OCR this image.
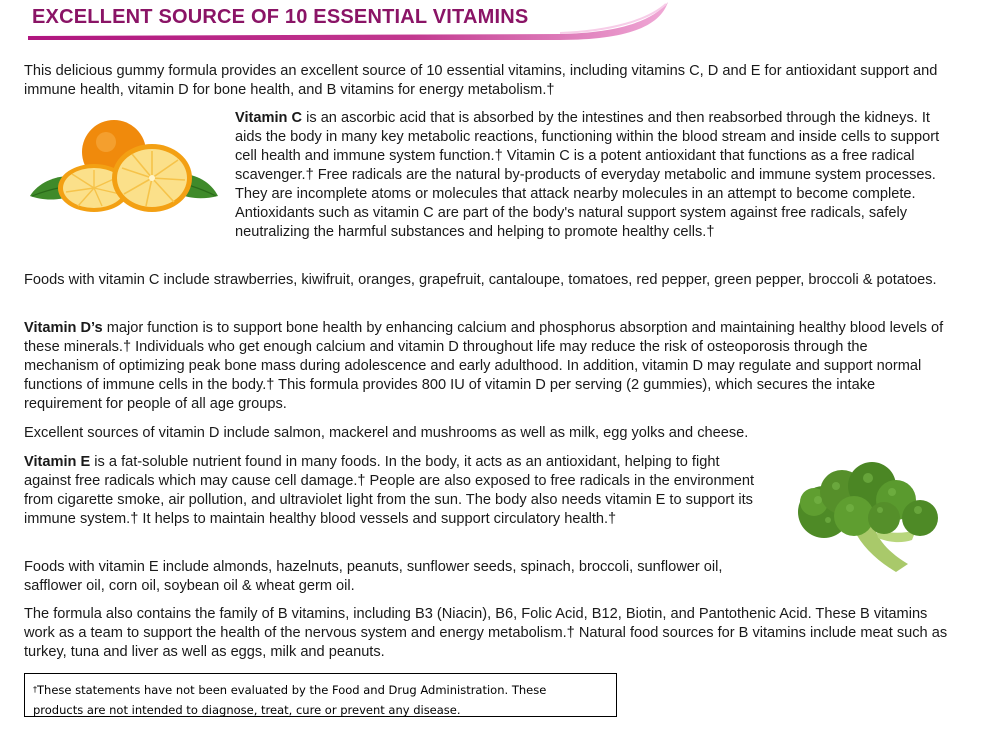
EXCELLENT SOURCE OF 10 ESSENTIAL VITAMINS

This delicious gummy formula provides an excellent source of 10 essential vitamins, including vitamins C, D and E for antioxidant support and immune health, vitamin D for bone health, and B vitamins for energy metabolism.†

Vitamin C is an ascorbic acid that is absorbed by the intestines and then reabsorbed through the kidneys. It aids the body in many key metabolic reactions, functioning within the blood stream and inside cells to support cell health and immune system function.† Vitamin C is a potent antioxidant that functions as a free radical scavenger.† Free radicals are the natural by-products of everyday metabolic and immune system processes. They are incomplete atoms or molecules that attack nearby molecules in an attempt to become complete. Antioxidants such as vitamin C are part of the body's natural support system against free radicals, safely neutralizing the harmful substances and helping to promote healthy cells.†

Foods with vitamin C include strawberries, kiwifruit, oranges, grapefruit, cantaloupe, tomatoes, red pepper, green pepper, broccoli & potatoes.

Vitamin D’s major function is to support bone health by enhancing calcium and phosphorus absorption and maintaining healthy blood levels of these minerals.† Individuals who get enough calcium and vitamin D throughout life may reduce the risk of osteoporosis through the mechanism of optimizing peak bone mass during adolescence and early adulthood. In addition, vitamin D may regulate and support normal functions of immune cells in the body.† This formula provides 800 IU of vitamin D per serving (2 gummies), which secures the intake requirement for people of all age groups.

Excellent sources of vitamin D include salmon, mackerel and mushrooms as well as milk, egg yolks and cheese.

Vitamin E is a fat-soluble nutrient found in many foods. In the body, it acts as an antioxidant, helping to fight against free radicals which may cause cell damage.† People are also exposed to free radicals in the environment from cigarette smoke, air pollution, and ultraviolet light from the sun. The body also needs vitamin E to support its immune system.† It helps to maintain healthy blood vessels and support circulatory health.†

Foods with vitamin E include almonds, hazelnuts, peanuts, sunflower seeds, spinach, broccoli, sunflower oil, safflower oil, corn oil, soybean oil & wheat germ oil.

The formula also contains the family of B vitamins, including B3 (Niacin), B6, Folic Acid, B12, Biotin, and Pantothenic Acid. These B vitamins work as a team to support the health of the nervous system and energy metabolism.† Natural food sources for B vitamins include meat such as turkey, tuna and liver as well as eggs, milk and peanuts.

†These statements have not been evaluated by the Food and Drug Administration. These
products are not intended to diagnose, treat, cure or prevent any disease.
